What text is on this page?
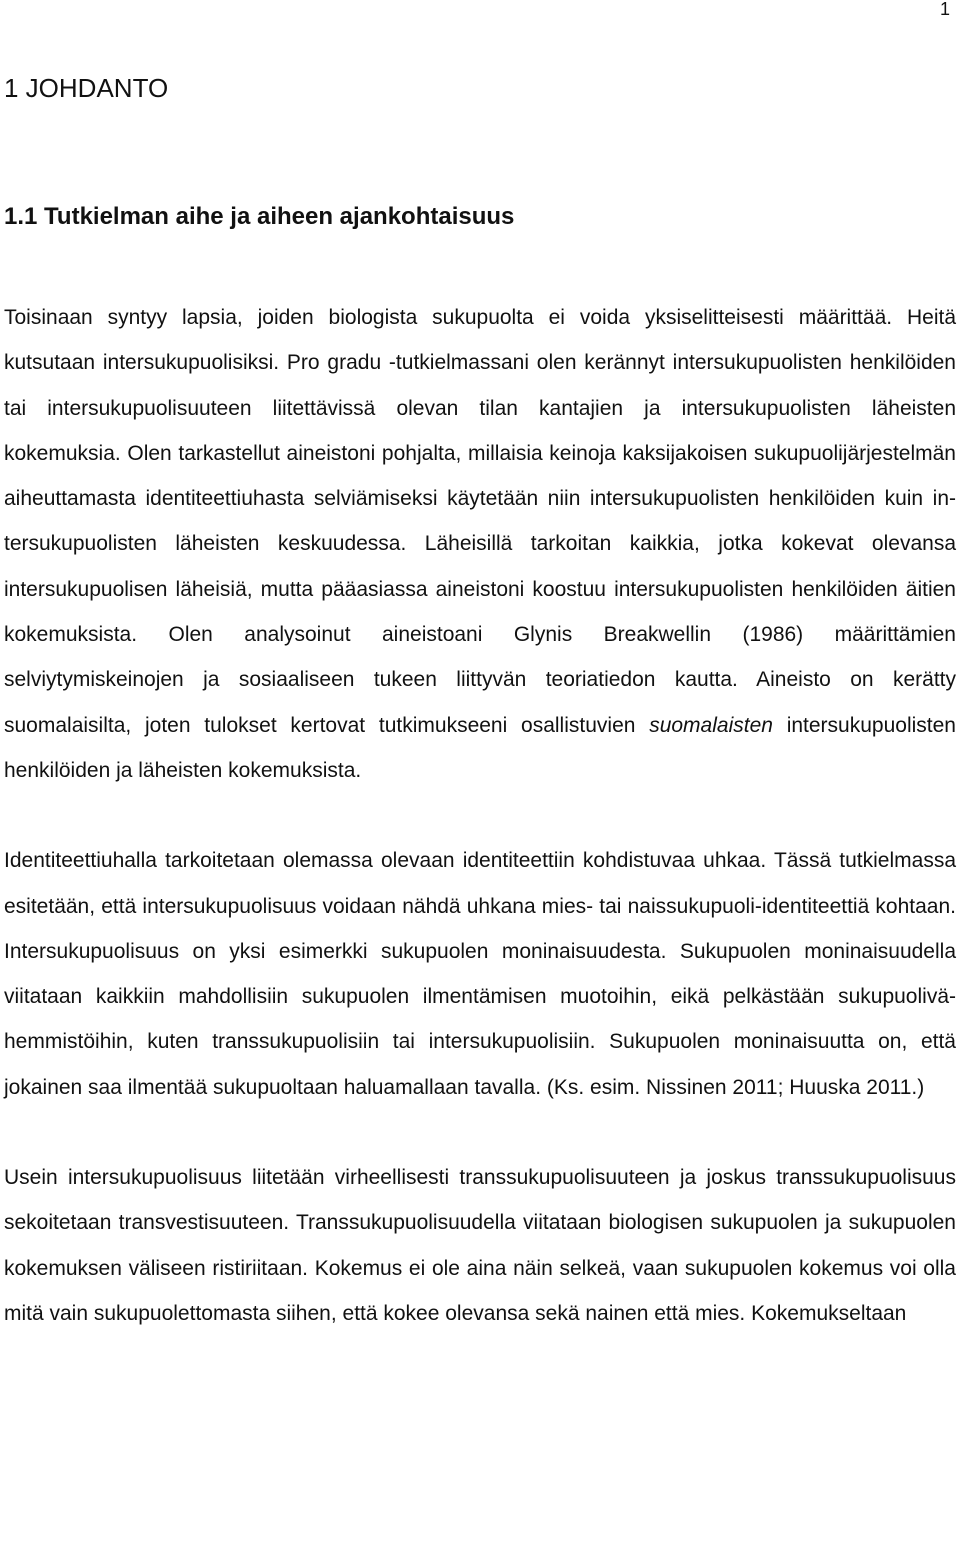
1
1 JOHDANTO
1.1 Tutkielman aihe ja aiheen ajankohtaisuus

Toisinaan syntyy lapsia, joiden biologista sukupuolta ei voida yksiselitteisesti määrittää. Heitä kutsutaan intersukupuolisiksi. Pro gradu -tutkielmassani olen kerännyt intersukupuolisten henkilöiden tai intersukupuolisuuteen liitettävissä olevan tilan kantajien ja intersukupuolisten läheisten kokemuksia. Olen tarkastellut aineistoni pohjalta, millaisia keinoja kaksijakoisen sukupuolijärjestelmän aiheuttamasta identiteettiuhasta selviämiseksi käytetään niin intersukupuolisten henkilöiden kuin intersukupuolisten läheisten keskuudessa. Läheisillä tarkoitan kaikkia, jotka kokevat olevansa intersukupuolisen läheisiä, mutta pääasiassa aineistoni koostuu intersukupuolisten henkilöiden äitien kokemuksista. Olen analysoinut aineistoani Glynis Breakwellin (1986) määrittämien selviytymiskeinojen ja sosiaaliseen tukeen liittyvän teoriatiedon kautta. Aineisto on kerätty suomalaisilta, joten tulokset kertovat tutkimukseeni osallistuvien suomalaisten intersukupuolisten henkilöiden ja läheisten kokemuksista.

Identiteettiuhalla tarkoitetaan olemassa olevaan identiteettiin kohdistuvaa uhkaa. Tässä tutkielmassa esitetään, että intersukupuolisuus voidaan nähdä uhkana mies- tai naissukupuoli-identiteettiä kohtaan. Intersukupuolisuus on yksi esimerkki sukupuolen moninaisuudesta. Sukupuolen moninaisuudella viitataan kaikkiin mahdollisiin sukupuolen ilmentämisen muotoihin, eikä pelkästään sukupuolivähemmistöihin, kuten transsukupuolisiin tai intersukupuolisiin. Sukupuolen moninaisuutta on, että jokainen saa ilmentää sukupuoltaan haluamallaan tavalla. (Ks. esim. Nissinen 2011; Huuska 2011.)

Usein intersukupuolisuus liitetään virheellisesti transsukupuolisuuteen ja joskus transsukupuolisuus sekoitetaan transvestisuuteen. Transsukupuolisuudella viitataan biologisen sukupuolen ja sukupuolen kokemuksen väliseen ristiriitaan. Kokemus ei ole aina näin selkeä, vaan sukupuolen kokemus voi olla mitä vain sukupuolettomasta siihen, että kokee olevansa sekä nainen että mies. Kokemukseltaan
